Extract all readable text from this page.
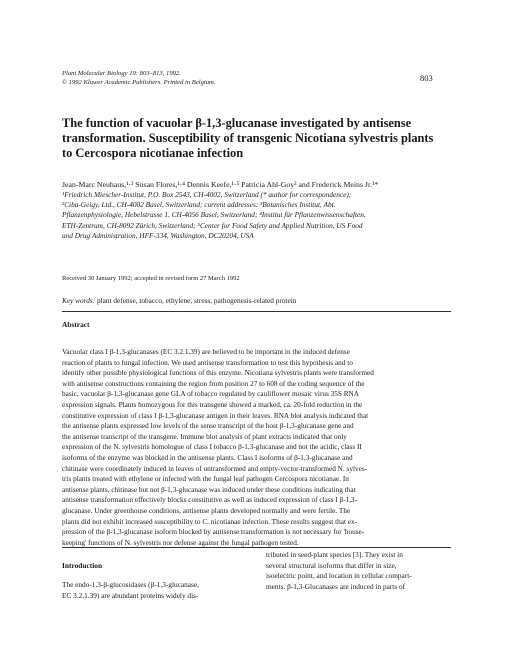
Plant Molecular Biology 19: 803–813, 1992.
© 1992 Kluwer Academic Publishers. Printed in Belgium.	803
The function of vacuolar β-1,3-glucanase investigated by antisense
transformation. Susceptibility of transgenic Nicotiana sylvestris plants
to Cercospora nicotianae infection
Jean-Marc Neuhaus,¹·³ Susan Flores,¹·⁴ Dennis Keefe,¹·⁵ Patricia Ahl-Goy² and Frederick Meins Jr.¹*
¹Friedrich Miescher-Institut, P.O. Box 2543, CH-4002, Switzerland (* author for correspondence);
²Ciba-Geigy, Ltd., CH-4002 Basel, Switzerland; current addresses: ³Botanisches Institut, Abt.
Pflanzenphysiologie, Hebelstrasse 1, CH-4056 Basel, Switzerland; ⁴Institut für Pflanzenwissenschaften,
ETH-Zentrum, CH-8092 Zürich, Switzerland; ⁵Center for Food Safety and Applied Nutrition, US Food
and Drug Administration, HFF-334, Washington, DC20204, USA
Received 30 January 1992; accepted in revised form 27 March 1992
Key words: plant defense, tobacco, ethylene, stress, pathogenesis-related protein
Abstract
Vacuolar class I β-1,3-glucanases (EC 3.2.1.39) are believed to be important in the induced defense
reaction of plants to fungal infection. We used antisense transformation to test this hypothesis and to
identify other possible physiological functions of this enzyme. Nicotiana sylvestris plants were transformed
with antisense constructions containing the region from position 27 to 608 of the coding sequence of the
basic, vacuolar β-1,3-glucanase gene GLA of tobacco regulated by cauliflower mosaic virus 35S RNA
expression signals. Plants homozygous for this transgene showed a marked, ca. 20-fold reduction in the
constitutive expression of class I β-1,3-glucanase antigen in their leaves. RNA blot analysis indicated that
the antisense plants expressed low levels of the sense transcript of the host β-1,3-glucanase gene and
the antisense transcript of the transgene. Immune blot analysis of plant extracts indicated that only
expression of the N. sylvestris homologue of class I tobacco β-1,3-glucanase and not the acidic, class II
isoforms of the enzyme was blocked in the antisense plants. Class I isoforms of β-1,3-glucanase and
chitinase were coordinately induced in leaves of untransformed and empty-vector-transformed N. sylves-
tris plants treated with ethylene or infected with the fungal leaf pathogen Cercospora nicotianae. In
antisense plants, chitinase but not β-1,3-glucanase was induced under these conditions indicating that
antisense transformation effectively blocks constitutive as well as induced expression of class I β-1,3-
glucanase. Under greenhouse conditions, antisense plants developed normally and were fertile. The
plants did not exhibit increased susceptibility to C. nicotianae infection. These results suggest that ex-
pression of the β-1,3-glucanase isoform blocked by antisense transformation is not necessary for 'house-
keeping' functions of N. sylvestris nor defense against the fungal pathogen tested.
Introduction
The endo-1,3-β-glucosidases (β-1,3-glucanase,
EC 3.2.1.39) are abundant proteins widely dis-
tributed in seed-plant species [3]. They exist in
several structural isoforms that differ in size,
isoelectric point, and location in cellular compart-
ments. β-1,3-Glucanases are induced in parts of
